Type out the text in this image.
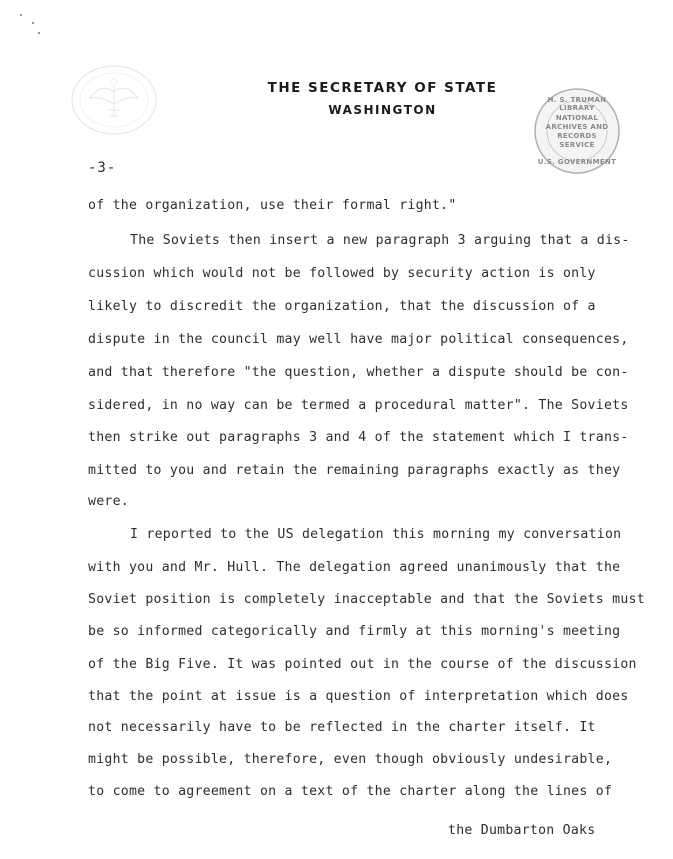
THE SECRETARY OF STATE
WASHINGTON
H. S. TRUMAN LIBRARY
NATIONAL
ARCHIVES AND
RECORDS
SERVICE
U.S. GOVERNMENT
-3-
of the organization, use their formal right."
The Soviets then insert a new paragraph 3 arguing that a dis-
cussion which would not be followed by security action is only
likely to discredit the organization, that the discussion of a
dispute in the council may well have major political consequences,
and that therefore "the question, whether a dispute should be con-
sidered, in no way can be termed a procedural matter". The Soviets
then strike out paragraphs 3 and 4 of the statement which I trans-
mitted to you and retain the remaining paragraphs exactly as they
were.
I reported to the US delegation this morning my conversation
with you and Mr. Hull. The delegation agreed unanimously that the
Soviet position is completely inacceptable and that the Soviets must
be so informed categorically and firmly at this morning's meeting
of the Big Five. It was pointed out in the course of the discussion
that the point at issue is a question of interpretation which does
not necessarily have to be reflected in the charter itself. It
might be possible, therefore, even though obviously undesirable,
to come to agreement on a text of the charter along the lines of
the Dumbarton Oaks
